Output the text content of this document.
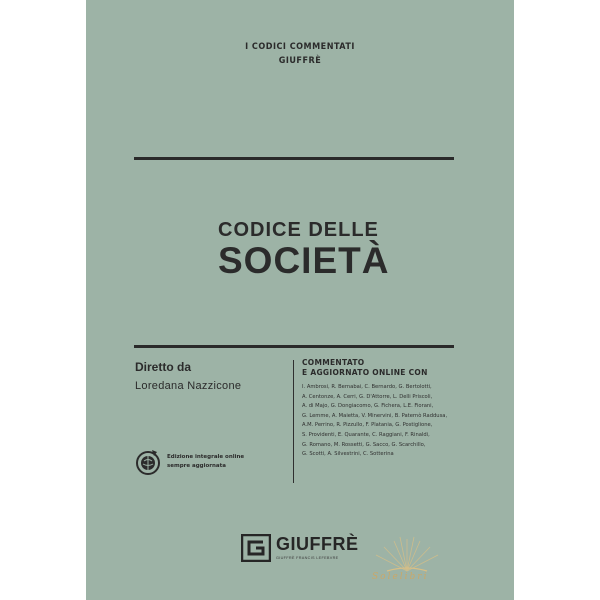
I CODICI COMMENTATI
GIUFFRÈ
CODICE DELLE
SOCIETÀ
Diretto da
Loredana Nazzicone
COMMENTATO
E AGGIORNATO ONLINE CON
I. Ambrosi, R. Bernabai, C. Bernardo, G. Bertolotti,
A. Centonze, A. Cerri, G. D'Attorre, L. Delli Priscoli,
A. di Majo, G. Dongiacomo, G. Fichera, L.E. Fiorani,
G. Lemme, A. Maietta, V. Minervini, B. Paternò Raddusa,
A.M. Perrino, R. Pizzullo, F. Platania, G. Postiglione,
S. Providenti, E. Quarante, C. Raggiani, F. Rinaldi,
G. Romano, M. Rossetti, G. Sacco, G. Scarchillo,
G. Scotti, A. Silvestrini, C. Sotterina
Edizione integrale online
sempre aggiornata
GIUFFRÈ
GIUFFRÈ FRANCIS LEFEBVRE
Solelibri
